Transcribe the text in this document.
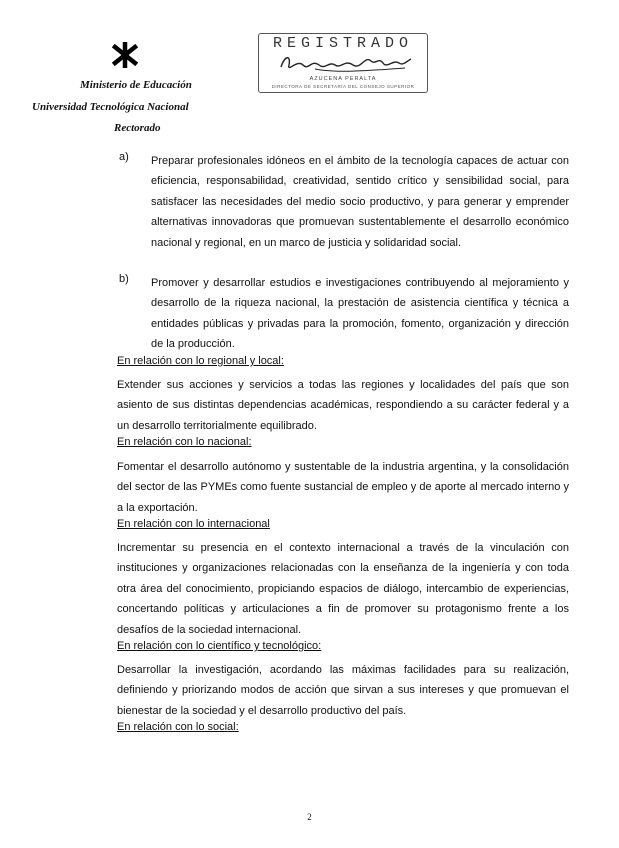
Ministerio de Educación
Universidad Tecnológica Nacional
Rectorado
REGISTRADO
AZUCENA PERALTA
DIRECTORA DE SECRETARÍA DEL CONSEJO SUPERIOR
a) Preparar profesionales idóneos en el ámbito de la tecnología capaces de actuar con eficiencia, responsabilidad, creatividad, sentido crítico y sensibilidad social, para satisfacer las necesidades del medio socio productivo, y para generar y emprender alternativas innovadoras que promuevan sustentablemente el desarrollo económico nacional y regional, en un marco de justicia y solidaridad social.

b) Promover y desarrollar estudios e investigaciones contribuyendo al mejoramiento y desarrollo de la riqueza nacional, la prestación de asistencia científica y técnica a entidades públicas y privadas para la promoción, fomento, organización y dirección de la producción.

En relación con lo regional y local:

Extender sus acciones y servicios a todas las regiones y localidades del país que son asiento de sus distintas dependencias académicas, respondiendo a su carácter federal y a un desarrollo territorialmente equilibrado.

En relación con lo nacional:

Fomentar el desarrollo autónomo y sustentable de la industria argentina, y la consolidación del sector de las PYMEs como fuente sustancial de empleo y de aporte al mercado interno y a la exportación.

En relación con lo internacional

Incrementar su presencia en el contexto internacional a través de la vinculación con instituciones y organizaciones relacionadas con la enseñanza de la ingeniería y con toda otra área del conocimiento, propiciando espacios de diálogo, intercambio de experiencias, concertando políticas y articulaciones a fin de promover su protagonismo frente a los desafíos de la sociedad internacional.

En relación con lo científico y tecnológico:

Desarrollar la investigación, acordando las máximas facilidades para su realización, definiendo y priorizando modos de acción que sirvan a sus intereses y que promuevan el bienestar de la sociedad y el desarrollo productivo del país.

En relación con lo social:
2
